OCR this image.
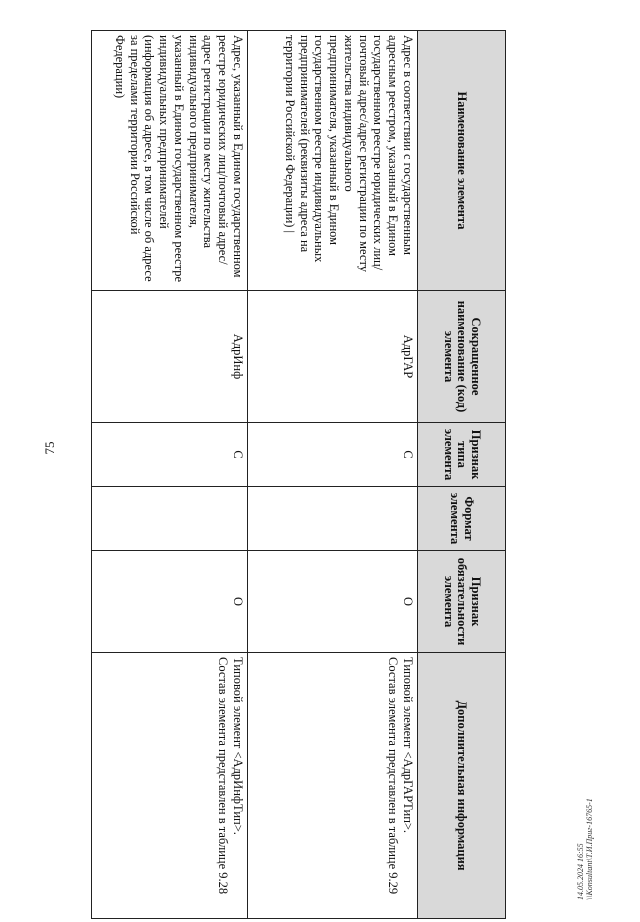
75
14.05.2024 16:55 \\Konsultant\Т.И.Приг-16765-1
Наименование элемента	Сокращенное наименование (код) элемента	Признак типа элемента	Формат элемента	Признак обязательности элемента	Дополнительная информация
Адрес в соответствии с государственным адресным реестром, указанный в Едином государственном реестре юридических лиц/почтовый адрес/адрес регистрации по месту жительства индивидуального предпринимателя, указанный в Едином государственном реестре индивидуальных предпринимателей (реквизиты адреса на территории Российской Федерации) |	АдрГАР	С		О	Типовой элемент <АдрГАРТип>.
Состав элемента представлен в таблице 9.29

Адрес, указанный в Едином государственном реестре юридических лиц/почтовый адрес/адрес регистрации по месту жительства индивидуального предпринимателя, указанный в Едином государственном реестре индивидуальных предпринимателей (информация об адресе, в том числе об адресе за пределами территории Российской Федерации)	АдрИнф	С		О	Типовой элемент <АдрИнфТип>.
Состав элемента представлен в таблице 9.28
